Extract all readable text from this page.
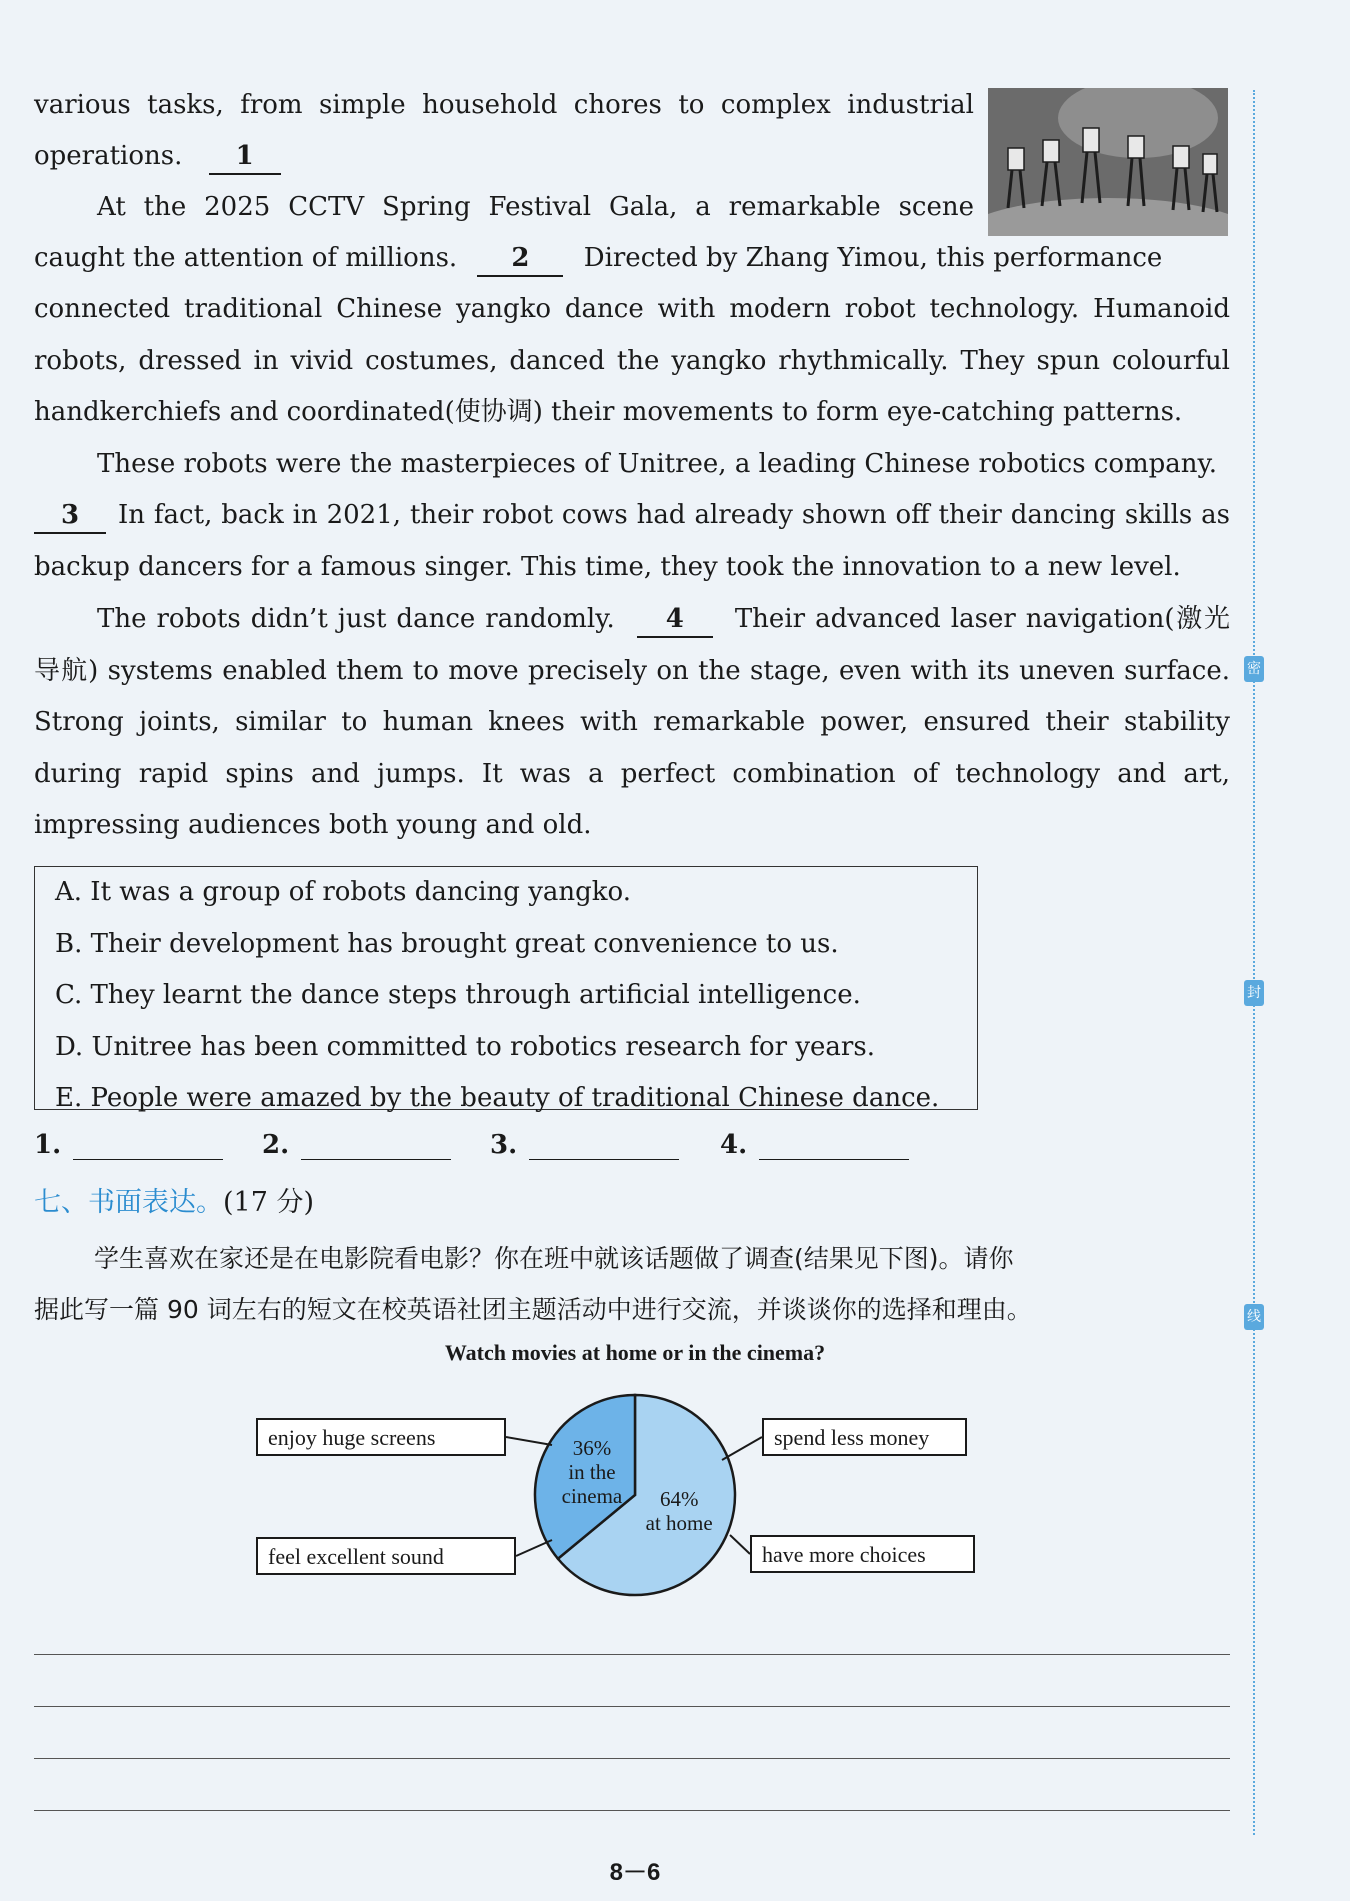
various tasks, from simple household chores to complex industrial

operations. 1

At the 2025 CCTV Spring Festival Gala, a remarkable scene

caught the attention of millions. 2 Directed by Zhang Yimou, this performance

connected traditional Chinese yangko dance with modern robot technology. Humanoid robots, dressed in vivid costumes, danced the yangko rhythmically. They spun colourful handkerchiefs and coordinated(使协调) their movements to form eye-catching patterns.

These robots were the masterpieces of Unitree, a leading Chinese robotics company.

3 In fact, back in 2021, their robot cows had already shown off their dancing skills as backup dancers for a famous singer. This time, they took the innovation to a new level.

The robots didn’t just dance randomly. 4 Their advanced laser navigation(激光导航) systems enabled them to move precisely on the stage, even with its uneven surface. Strong joints, similar to human knees with remarkable power, ensured their stability during rapid spins and jumps. It was a perfect combination of technology and art, impressing audiences both young and old.

A. It was a group of robots dancing yangko.
B. Their development has brought great convenience to us.
C. They learnt the dance steps through artificial intelligence.
D. Unitree has been committed to robotics research for years.
E. People were amazed by the beauty of traditional Chinese dance.
1.	2.	3.	4.
七、书面表达。(17 分)
学生喜欢在家还是在电影院看电影？你在班中就该话题做了调查(结果见下图)。请你
据此写一篇 90 词左右的短文在校英语社团主题活动中进行交流，并谈谈你的选择和理由。
Watch movies at home or in the cinema?
64%
at home
36%
in the
cinema
enjoy huge screens
feel excellent sound
spend less money
have more choices
密
封
线
8－6
